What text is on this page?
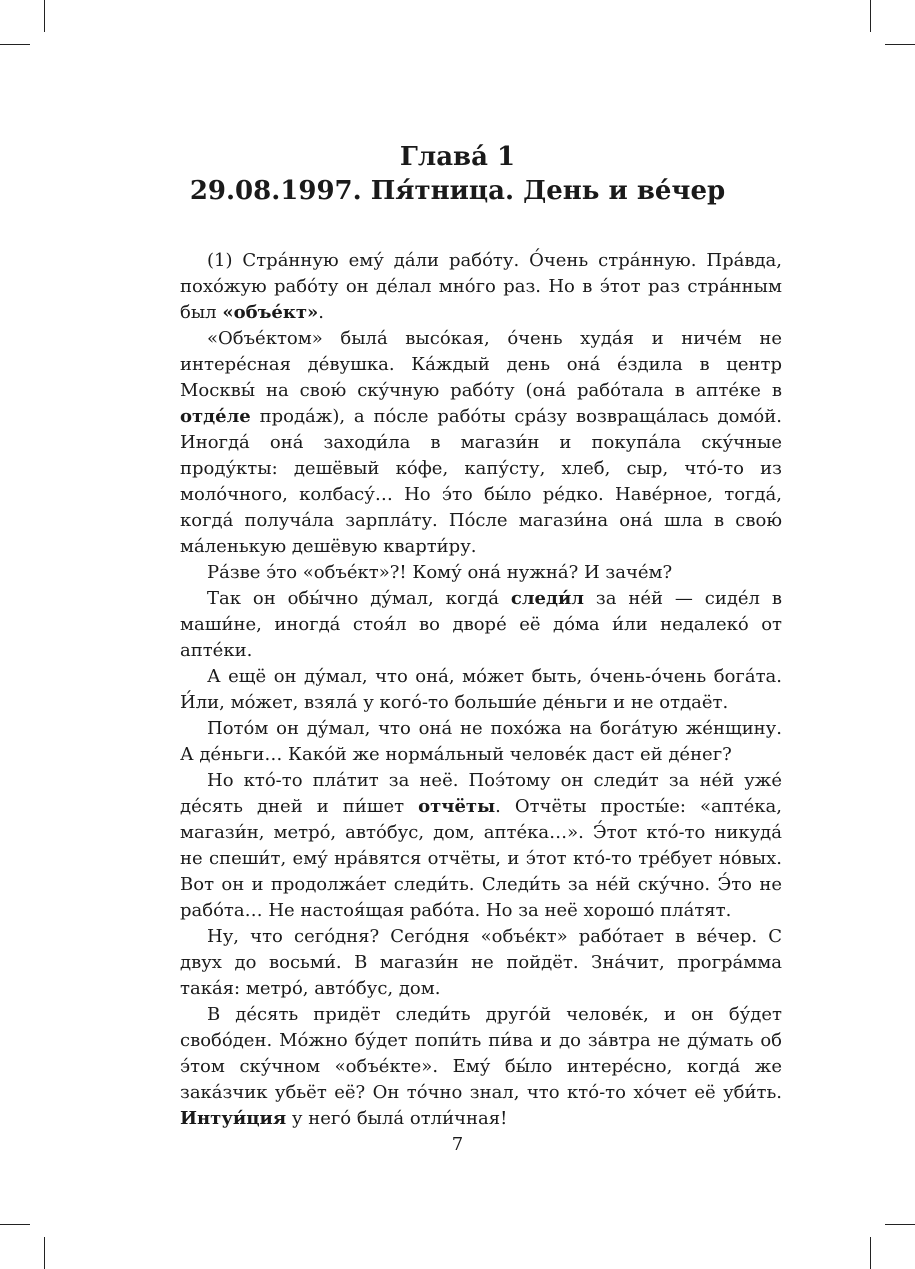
Глава́ 1
29.08.1997. Пя́тница. День и ве́чер

(1) Стра́нную ему́ да́ли рабо́ту. О́чень стра́нную. Пра́вда, похо́жую рабо́ту он де́лал мно́го раз. Но в э́тот раз стра́нным был «объе́кт».

«Объе́ктом» была́ высо́кая, о́чень худа́я и ниче́м не интере́сная де́вушка. Ка́ждый день она́ е́здила в центр Москвы́ на свою́ ску́чную рабо́ту (она́ рабо́тала в апте́ке в отде́ле прода́ж), а по́сле рабо́ты сра́зу возвраща́лась домо́й. Иногда́ она́ заходи́ла в магази́н и покупа́ла ску́чные проду́кты: дешёвый ко́фе, капу́сту, хлеб, сыр, что́-то из моло́чного, колбасу́… Но э́то бы́ло ре́дко. Наве́рное, тогда́, когда́ получа́ла зарпла́ту. По́сле магази́на она́ шла в свою́ ма́ленькую дешёвую кварти́ру.

Ра́зве э́то «объе́кт»?! Кому́ она́ нужна́? И заче́м?

Так он обы́чно ду́мал, когда́ следи́л за не́й — сиде́л в маши́не, иногда́ стоя́л во дворе́ её до́ма и́ли недалеко́ от апте́ки.

А ещё он ду́мал, что она́, мо́жет быть, о́чень-о́чень бога́та. И́ли, мо́жет, взяла́ у кого́-то больши́е де́ньги и не отдаёт.

Пото́м он ду́мал, что она́ не похо́жа на бога́тую же́нщину. А де́ньги… Како́й же норма́льный челове́к даст ей де́нег?

Но кто́-то пла́тит за неё. Поэ́тому он следи́т за не́й уже́ де́сять дней и пи́шет отчёты. Отчёты просты́е: «апте́ка, магази́н, метро́, авто́бус, дом, апте́ка…». Э́тот кто́-то никуда́ не спеши́т, ему́ нра́вятся отчёты, и э́тот кто́-то тре́бует но́вых. Вот он и продолжа́ет следи́ть. Следи́ть за не́й ску́чно. Э́то не рабо́та… Не настоя́щая рабо́та. Но за неё хорошо́ пла́тят.

Ну, что сего́дня? Сего́дня «объе́кт» рабо́тает в ве́чер. С двух до восьми́. В магази́н не пойдёт. Зна́чит, програ́мма така́я: метро́, авто́бус, дом.

В де́сять придёт следи́ть друго́й челове́к, и он бу́дет свобо́ден. Мо́жно бу́дет попи́ть пи́ва и до за́втра не ду́мать об э́том ску́чном «объе́кте». Ему́ бы́ло интере́сно, когда́ же зака́зчик убьёт её? Он то́чно знал, что кто́-то хо́чет её уби́ть. Интуи́ция у него́ была́ отли́чная!

7
